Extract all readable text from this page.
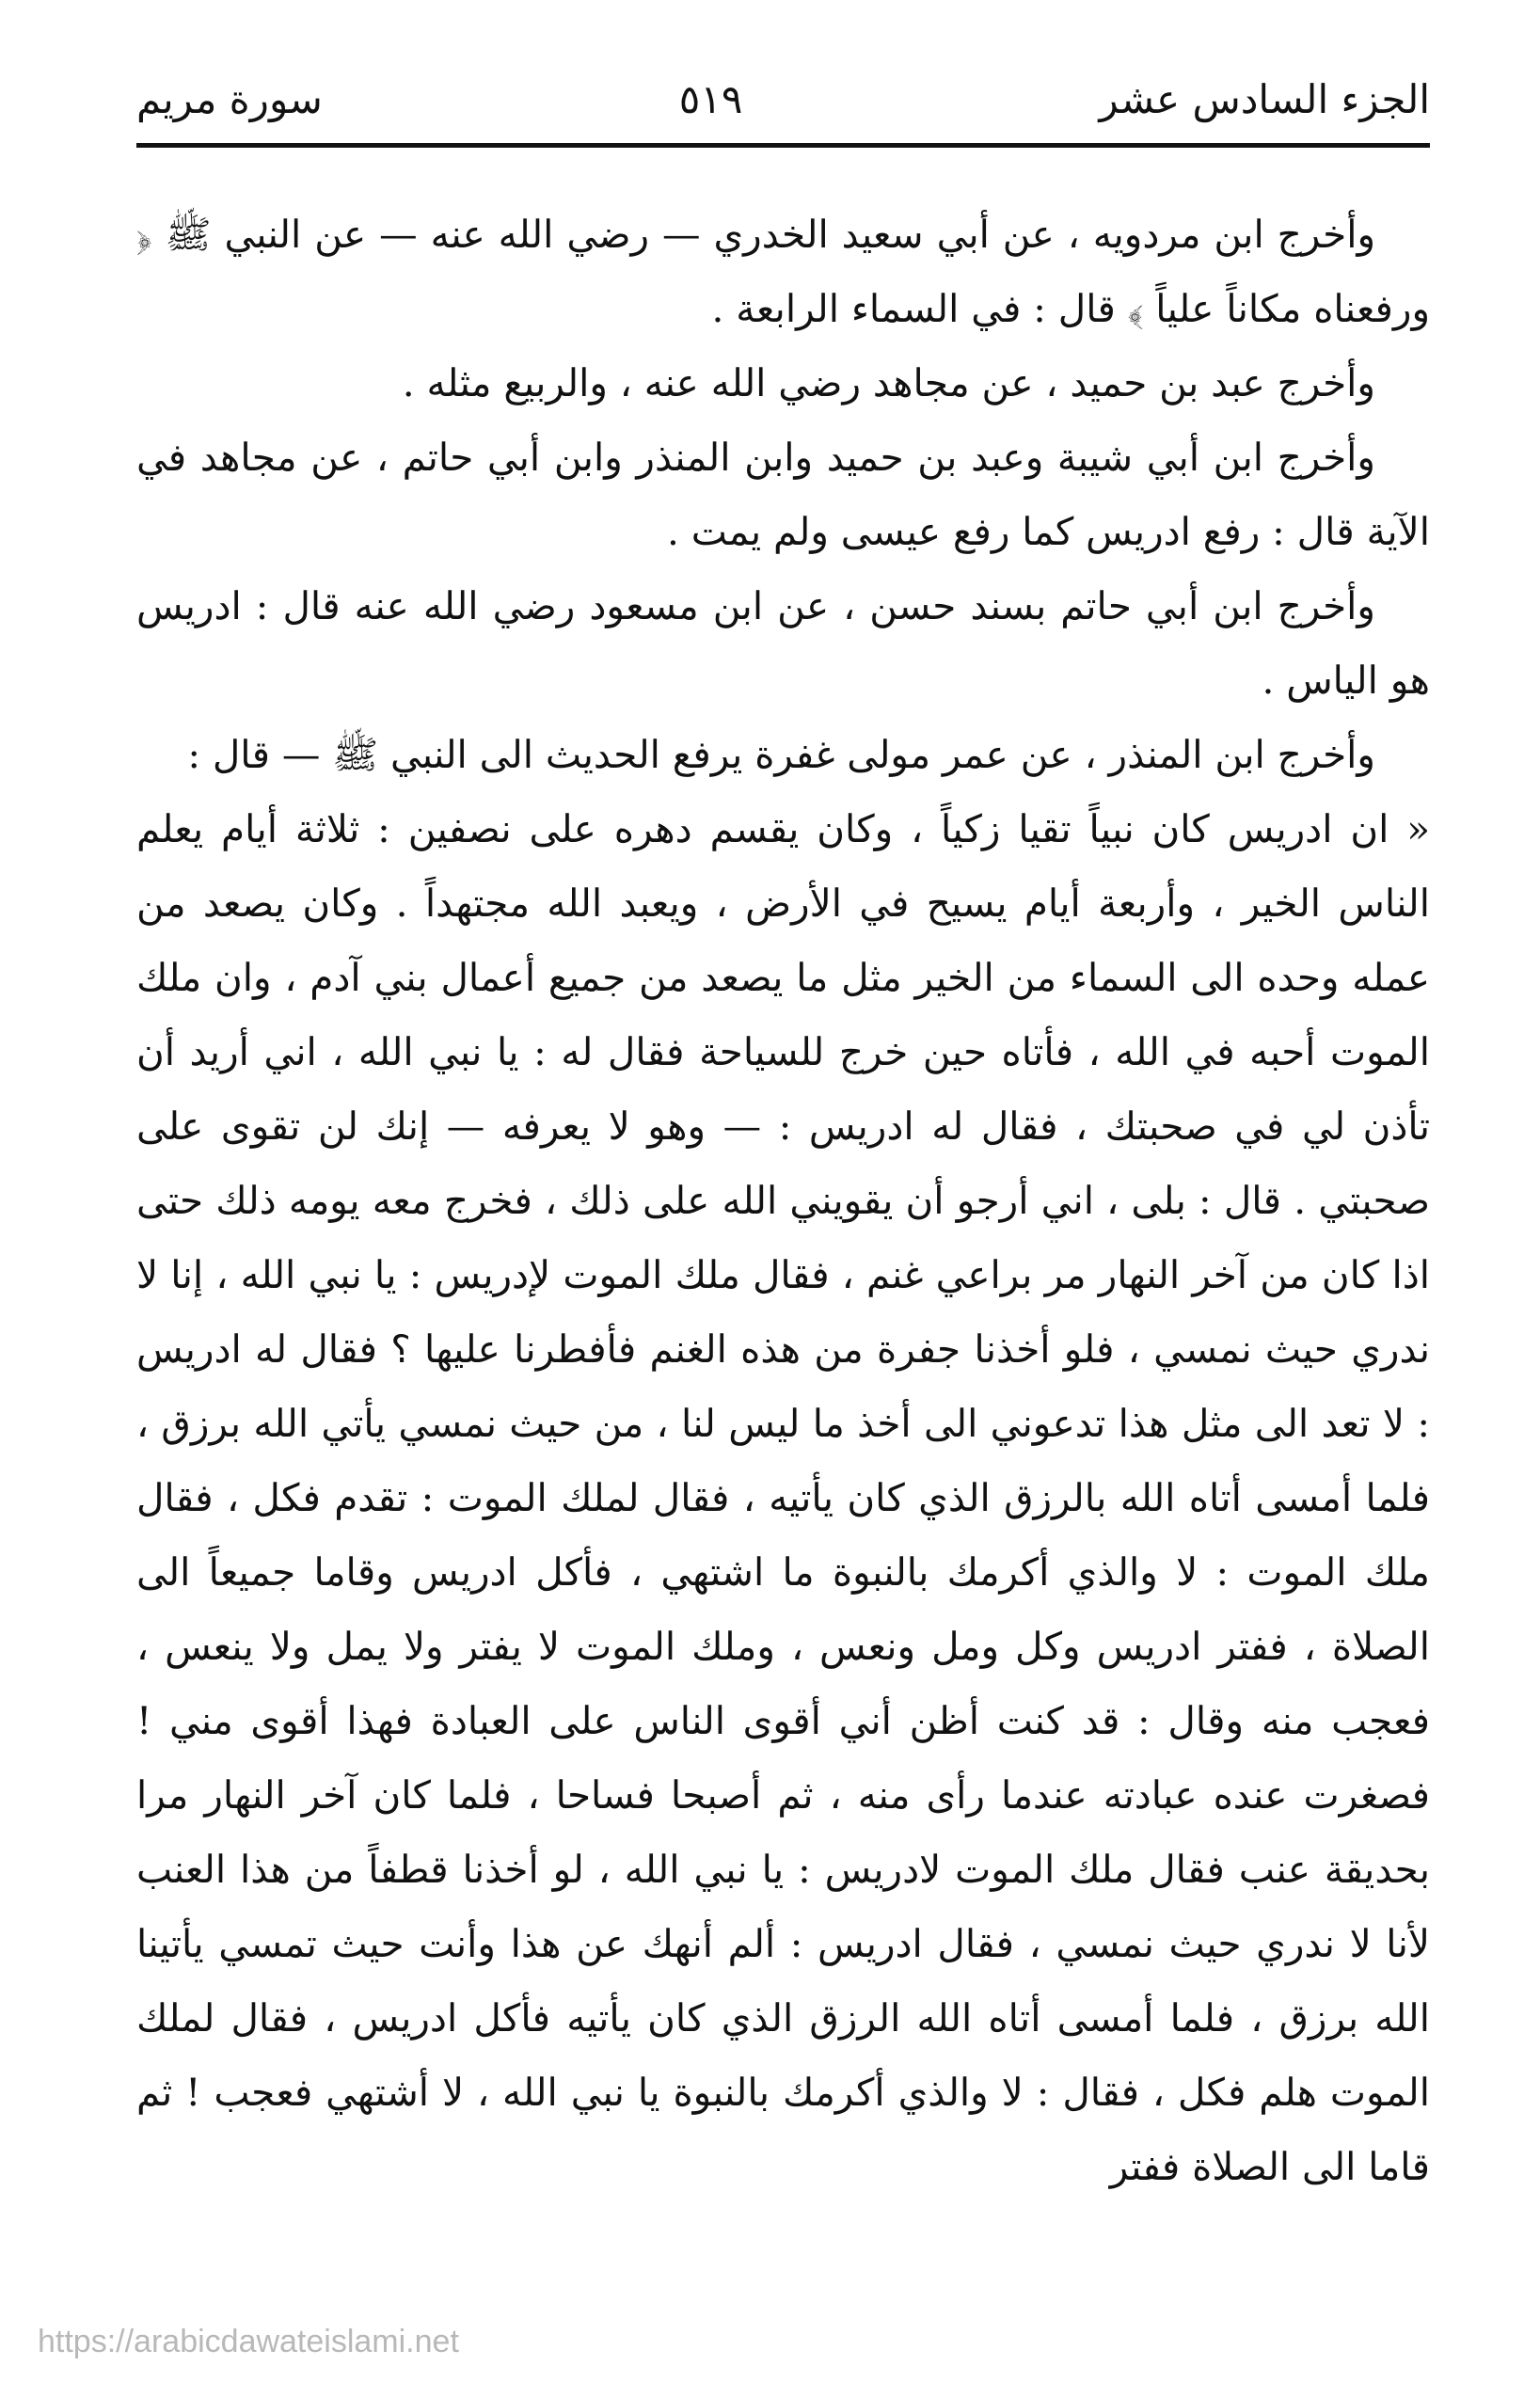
الجزء السادس عشر
٥١٩
سورة مريم

وأخرج ابن مردويه ، عن أبي سعيد الخدري — رضي الله عنه — عن النبي ﷺ ﴿ ورفعناه مكاناً علياً ﴾ قال : في السماء الرابعة .

وأخرج عبد بن حميد ، عن مجاهد رضي الله عنه ، والربيع مثله .

وأخرج ابن أبي شيبة وعبد بن حميد وابن المنذر وابن أبي حاتم ، عن مجاهد في الآية قال : رفع ادريس كما رفع عيسى ولم يمت .

وأخرج ابن أبي حاتم بسند حسن ، عن ابن مسعود رضي الله عنه قال : ادريس هو الياس .

وأخرج ابن المنذر ، عن عمر مولى غفرة يرفع الحديث الى النبي ﷺ — قال :

« ان ادريس كان نبياً تقيا زكياً ، وكان يقسم دهره على نصفين : ثلاثة أيام يعلم الناس الخير ، وأربعة أيام يسيح في الأرض ، ويعبد الله مجتهداً . وكان يصعد من عمله وحده الى السماء من الخير مثل ما يصعد من جميع أعمال بني آدم ، وان ملك الموت أحبه في الله ، فأتاه حين خرج للسياحة فقال له : يا نبي الله ، اني أريد أن تأذن لي في صحبتك ، فقال له ادريس : — وهو لا يعرفه — إنك لن تقوى على صحبتي . قال : بلى ، اني أرجو أن يقويني الله على ذلك ، فخرج معه يومه ذلك حتى اذا كان من آخر النهار مر براعي غنم ، فقال ملك الموت لإدريس : يا نبي الله ، إنا لا ندري حيث نمسي ، فلو أخذنا جفرة من هذه الغنم فأفطرنا عليها ؟ فقال له ادريس : لا تعد الى مثل هذا تدعوني الى أخذ ما ليس لنا ، من حيث نمسي يأتي الله برزق ، فلما أمسى أتاه الله بالرزق الذي كان يأتيه ، فقال لملك الموت : تقدم فكل ، فقال ملك الموت : لا والذي أكرمك بالنبوة ما اشتهي ، فأكل ادريس وقاما جميعاً الى الصلاة ، ففتر ادريس وكل ومل ونعس ، وملك الموت لا يفتر ولا يمل ولا ينعس ، فعجب منه وقال : قد كنت أظن أني أقوى الناس على العبادة فهذا أقوى مني ! فصغرت عنده عبادته عندما رأى منه ، ثم أصبحا فساحا ، فلما كان آخر النهار مرا بحديقة عنب فقال ملك الموت لادريس : يا نبي الله ، لو أخذنا قطفاً من هذا العنب لأنا لا ندري حيث نمسي ، فقال ادريس : ألم أنهك عن هذا وأنت حيث تمسي يأتينا الله برزق ، فلما أمسى أتاه الله الرزق الذي كان يأتيه فأكل ادريس ، فقال لملك الموت هلم فكل ، فقال : لا والذي أكرمك بالنبوة يا نبي الله ، لا أشتهي فعجب ! ثم قاما الى الصلاة ففتر

https://arabicdawateislami.net
